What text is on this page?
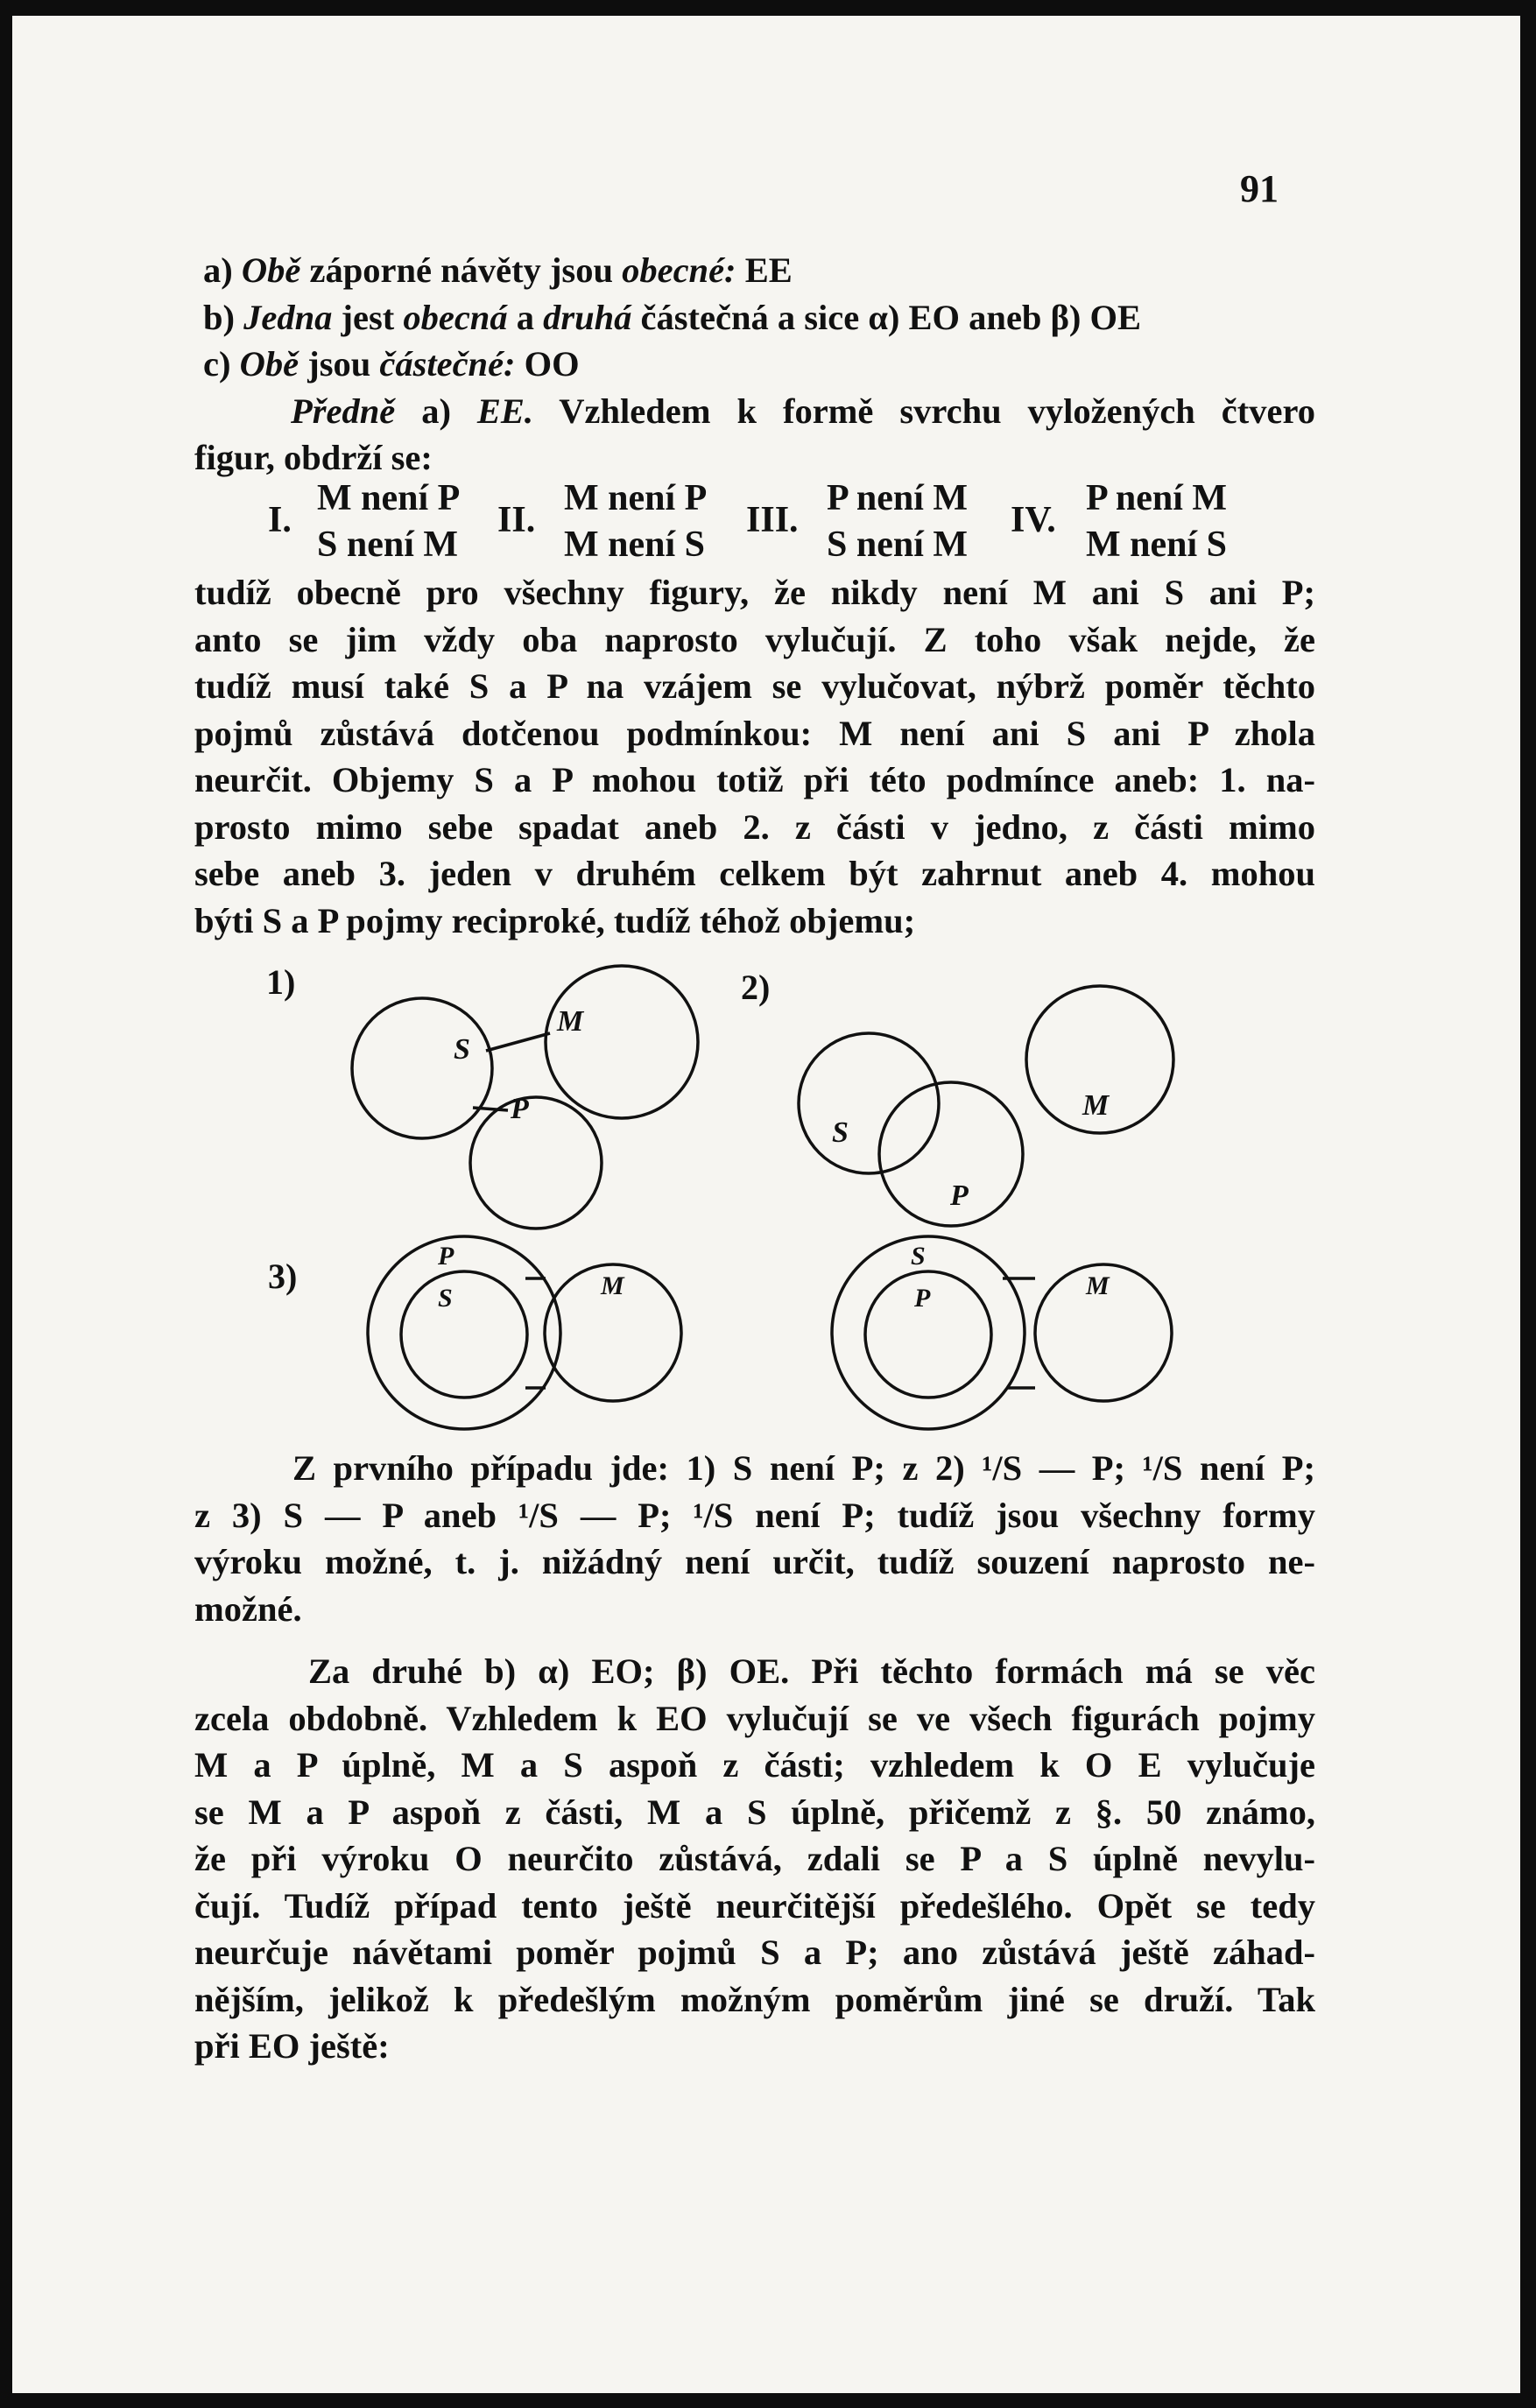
91
a) Obě záporné návěty jsou obecné: EE
b) Jedna jest obecná a druhá částečná a sice α) EO aneb β) OE
c) Obě jsou částečné: OO
Předně a) EE. Vzhledem k formě svrchu vyložených čtvero
figur, obdrží se:
I.
M není P
S není M
II.
M není P
M není S
III.
P není M
S není M
IV.
P není M
M není S
tudíž obecně pro všechny figury, že nikdy není M ani S ani P;
anto se jim vždy oba naprosto vylučují. Z toho však nejde, že
tudíž musí také S a P na vzájem se vylučovat, nýbrž poměr těchto
pojmů zůstává dotčenou podmínkou: M není ani S ani P zhola
neurčit. Objemy S a P mohou totiž při této podmínce aneb: 1. na-
prosto mimo sebe spadat aneb 2. z části v jedno, z části mimo
sebe aneb 3. jeden v druhém celkem být zahrnut aneb 4. mohou
býti S a P pojmy reciproké, tudíž téhož objemu;
1)	2)
3)
S
M
P
S
M
P
P
S	M
S
P	M
Z prvního případu jde: 1) S není P; z 2) ¹/S — P; ¹/S není P;
z 3) S — P aneb ¹/S — P; ¹/S není P; tudíž jsou všechny formy
výroku možné, t. j. nižádný není určit, tudíž souzení naprosto ne-
možné.
Za druhé b) α) EO; β) OE. Při těchto formách má se věc
zcela obdobně. Vzhledem k EO vylučují se ve všech figurách pojmy
M a P úplně, M a S aspoň z části; vzhledem k O E vylučuje
se M a P aspoň z části, M a S úplně, přičemž z §. 50 známo,
že při výroku O neurčito zůstává, zdali se P a S úplně nevylu-
čují. Tudíž případ tento ještě neurčitější předešlého. Opět se tedy
neurčuje návětami poměr pojmů S a P; ano zůstává ještě záhad-
nějším, jelikož k předešlým možným poměrům jiné se druží. Tak
při EO ještě:
